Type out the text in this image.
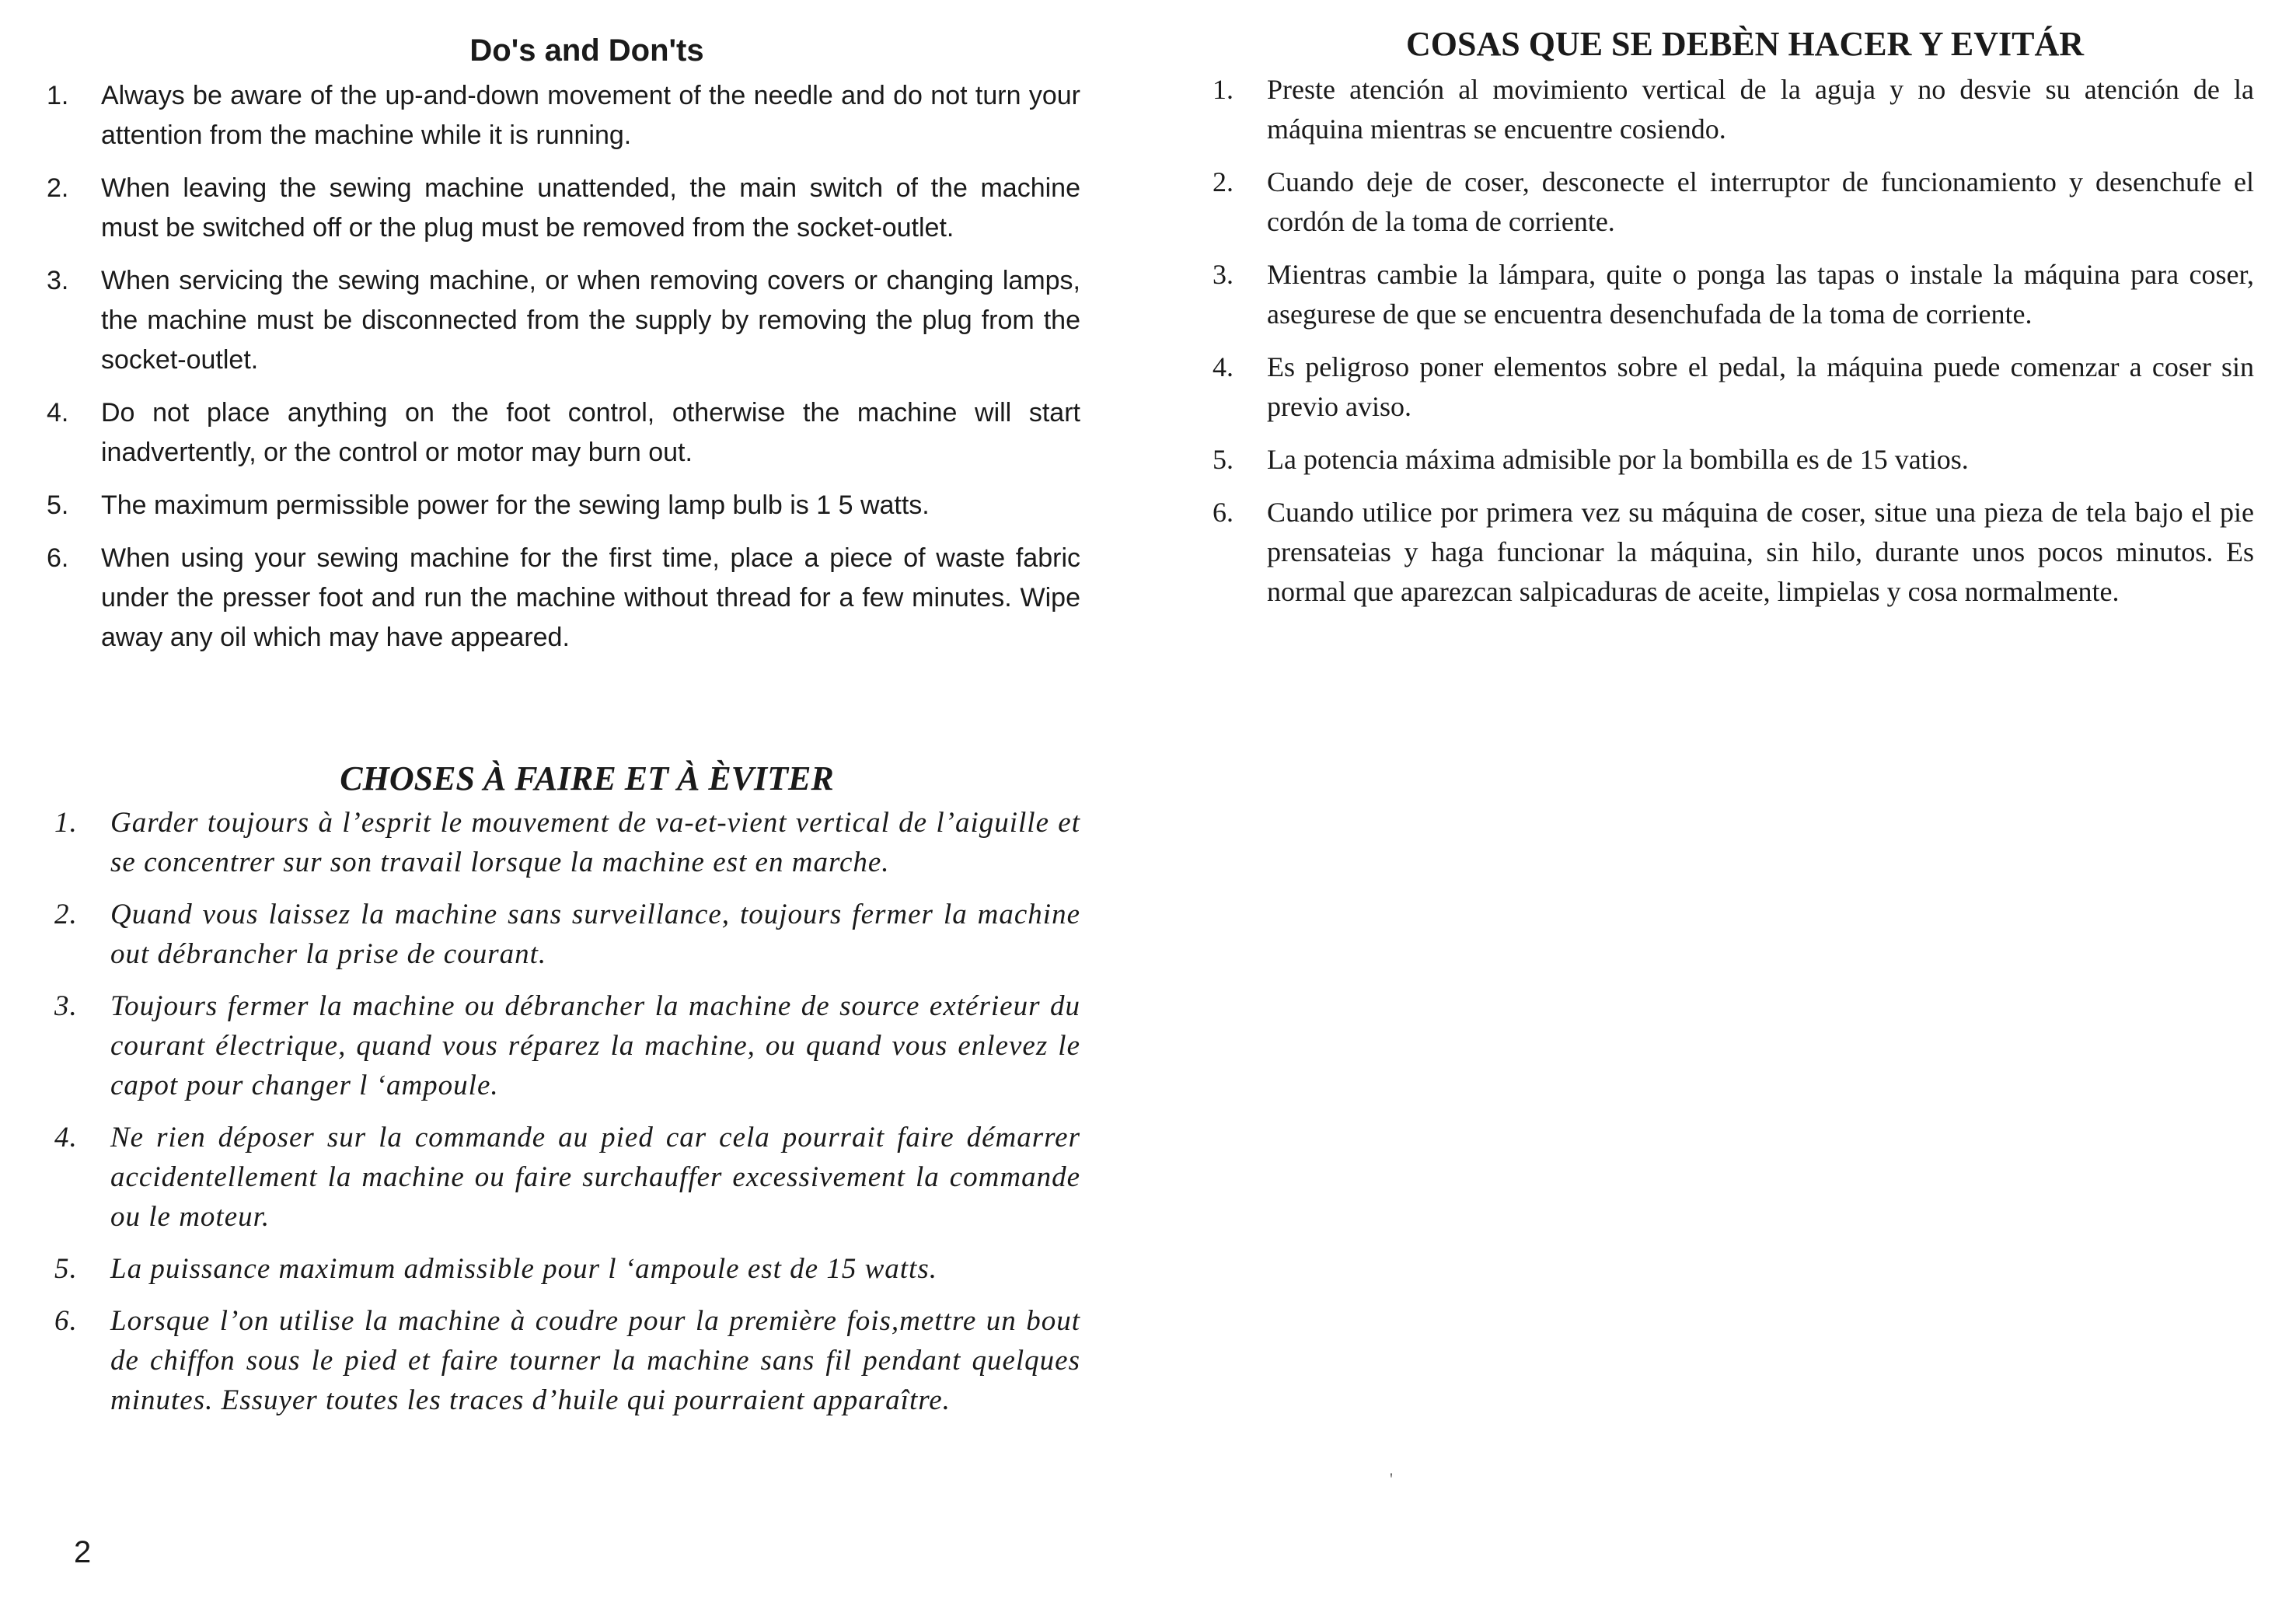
Do's and Don'ts
1.	Always be aware of the up-and-down movement of the needle and do not turn your attention from the machine while it is running.
2.	When leaving the sewing machine unattended, the main switch of the machine must be switched off or the plug must be removed from the socket-outlet.
3.	When servicing the sewing machine, or when removing covers or changing lamps, the machine must be disconnected from the supply by removing the plug from the socket-outlet.
4.	Do not place anything on the foot control, otherwise the machine will start inadvertently, or the control or motor may burn out.
5.	The maximum permissible power for the sewing lamp bulb is 1 5 watts.
6.	When using your sewing machine for the first time, place a piece of waste fabric under the presser foot and run the machine without thread for a few minutes. Wipe away any oil which may have appeared.
CHOSES À FAIRE ET À ÈVITER
1.	Garder toujours à l’esprit le mouvement de va-et-vient vertical de l’aiguille et se concentrer sur son travail lorsque la machine est en marche.
2.	Quand vous laissez la machine sans surveillance, toujours fermer la machine out débrancher la prise de courant.
3.	Toujours fermer la machine ou débrancher la machine de source extérieur du courant électrique, quand vous réparez la machine, ou quand vous enlevez le capot pour changer l ‘ampoule.
4.	Ne rien déposer sur la commande au pied car cela pourrait faire démarrer accidentellement la machine ou faire surchauffer excessivement la commande ou le moteur.
5.	La puissance maximum admissible pour l ‘ampoule est de 15 watts.
6.	Lorsque l’on utilise la machine à coudre pour la première fois,mettre un bout de chiffon sous le pied et faire tourner la machine sans fil pendant quelques minutes. Essuyer toutes les traces d’huile qui pourraient apparaître.
COSAS QUE SE DEBÈN HACER Y EVITÁR
1.	Preste atención al movimiento vertical de la aguja y no desvie su atención de la máquina mientras se encuentre cosiendo.
2.	Cuando deje de coser, desconecte el interruptor de funcionamiento y desenchufe el cordón de la toma de corriente.
3.	Mientras cambie la lámpara, quite o ponga las tapas o instale la máquina para coser, asegurese de que se encuentra desenchufada de la toma de corriente.
4.	Es peligroso poner elementos sobre el pedal, la máquina puede comenzar a coser sin previo aviso.
5.	La potencia máxima admisible por la bombilla es de 15 vatios.
6.	Cuando utilice por primera vez su máquina de coser, situe una pieza de tela bajo el pie prensateias y haga funcionar la máquina, sin hilo, durante unos pocos minutos. Es normal que aparezcan salpicaduras de aceite, limpielas y cosa normalmente.
2
'
